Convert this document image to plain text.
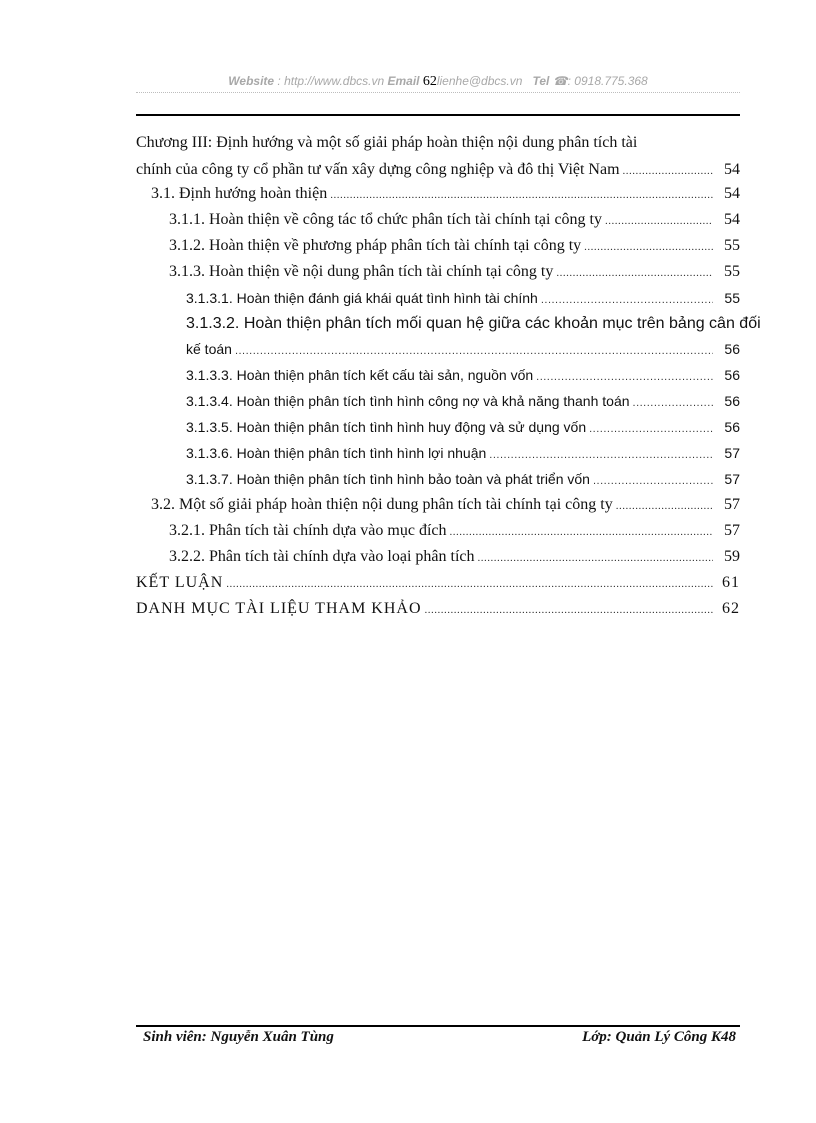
Website : http://www.dbcs.vn Email 62lienhe@dbcs.vn Tel ☎: 0918.775.368
Chương III: Định hướng và một số giải pháp hoàn thiện nội dung phân tích tài
chính của công ty cổ phần tư vấn xây dựng công nghiệp và đô thị Việt Nam .....	54
3.1. Định hướng hoàn thiện .....	54
3.1.1. Hoàn thiện về công tác tổ chức phân tích tài chính tại công ty .....	54
3.1.2. Hoàn thiện về phương pháp phân tích tài chính tại công ty .....	55
3.1.3. Hoàn thiện về nội dung phân tích tài chính tại công ty .....	55
3.1.3.1. Hoàn thiện đánh giá khái quát tình hình tài chính .....	55
3.1.3.2. Hoàn thiện phân tích mối quan hệ giữa các khoản mục trên bảng cân đối
kế toán .....	56
3.1.3.3. Hoàn thiện phân tích kết cấu tài sản, nguồn vốn .....	56
3.1.3.4. Hoàn thiện phân tích tình hình công nợ và khả năng thanh toán .....	56
3.1.3.5. Hoàn thiện phân tích tình hình huy động và sử dụng vốn .....	56
3.1.3.6. Hoàn thiện phân tích tình hình lợi nhuận .....	57
3.1.3.7. Hoàn thiện phân tích tình hình bảo toàn và phát triển vốn .....	57
3.2. Một số giải pháp hoàn thiện nội dung phân tích tài chính tại công ty .....	57
3.2.1. Phân tích tài chính dựa vào mục đích .....	57
3.2.2. Phân tích tài chính dựa vào loại phân tích .....	59
KẾT LUẬN .....	61
DANH MỤC TÀI LIỆU THAM KHẢO .....	62
Sinh viên: Nguyễn Xuân Tùng	Lớp: Quản Lý Công K48
